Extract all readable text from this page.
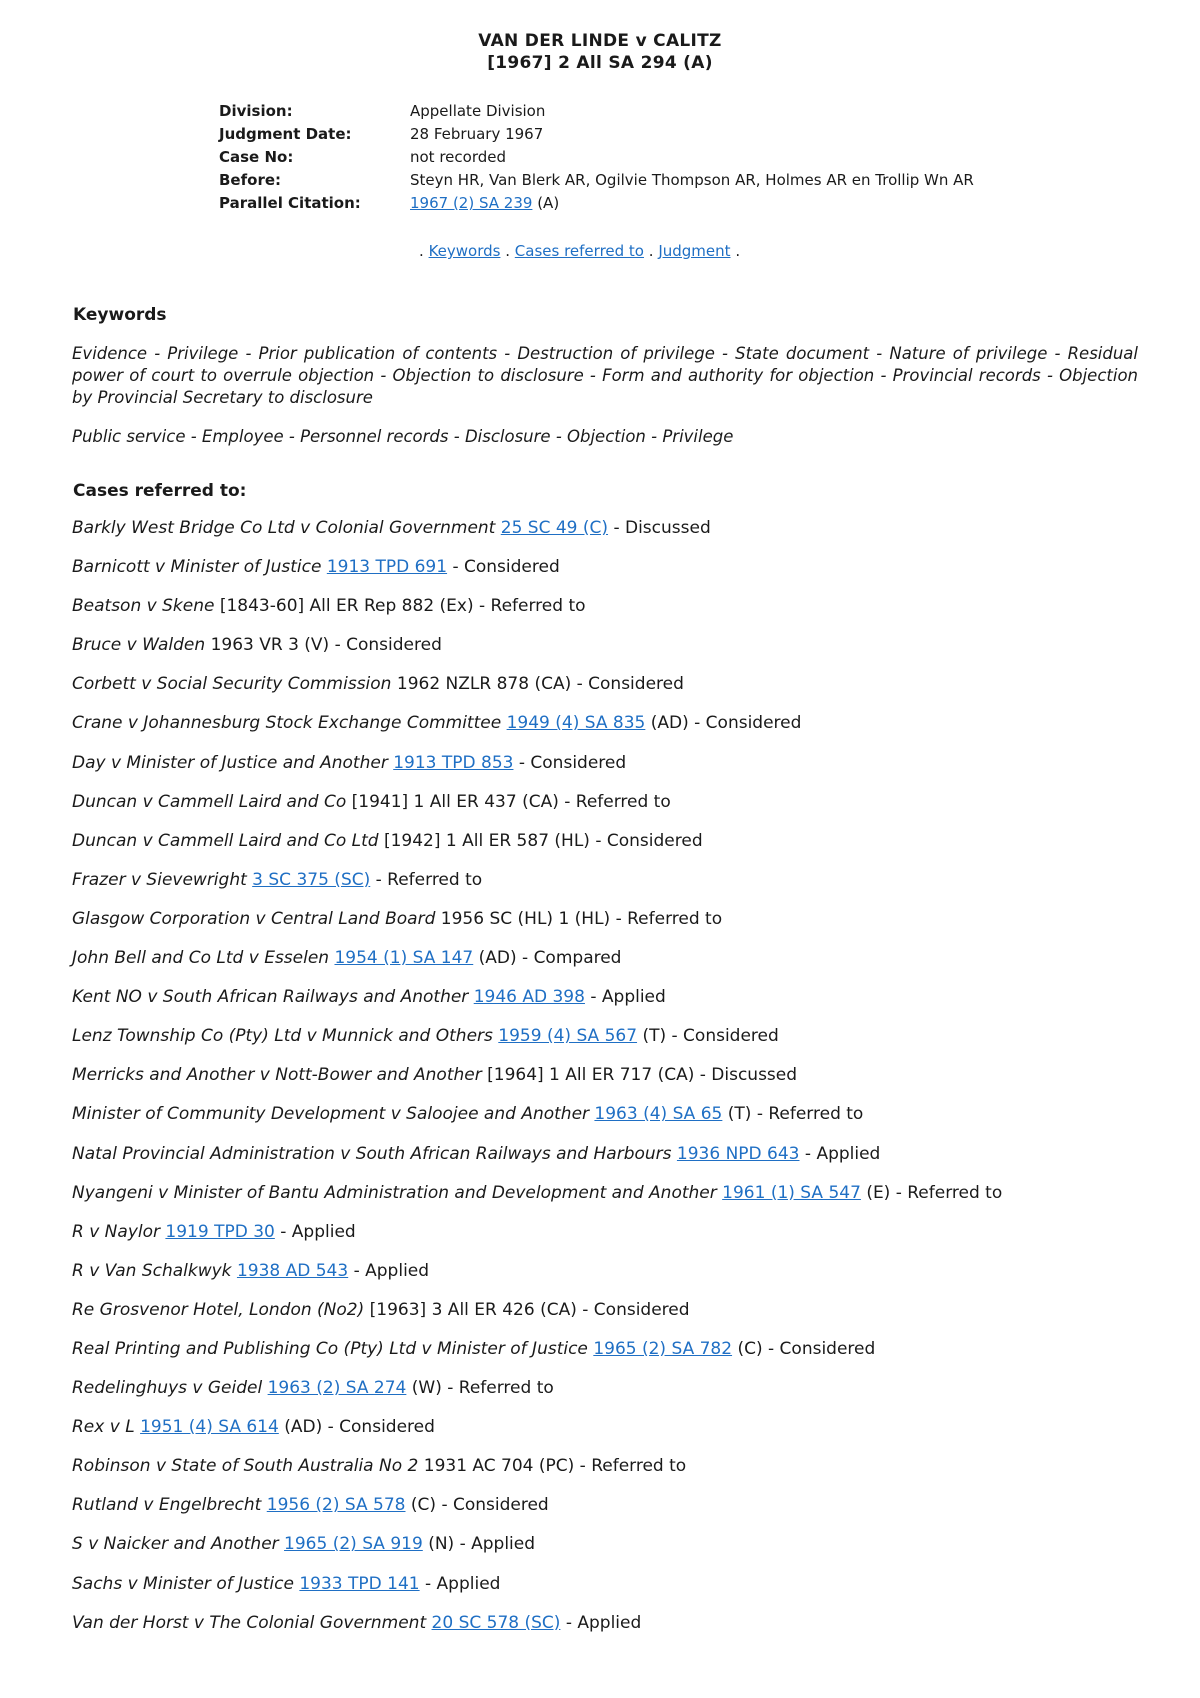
VAN DER LINDE v CALITZ
[1967] 2 All SA 294 (A)
Division:	Appellate Division
Judgment Date:	28 February 1967
Case No:	not recorded
Before:	Steyn HR, Van Blerk AR, Ogilvie Thompson AR, Holmes AR en Trollip Wn AR
Parallel Citation:	1967 (2) SA 239 (A)
. Keywords . Cases referred to . Judgment .
Keywords
Evidence - Privilege - Prior publication of contents - Destruction of privilege - State document - Nature of privilege - Residual power of court to overrule objection - Objection to disclosure - Form and authority for objection - Provincial records - Objection by Provincial Secretary to disclosure
Public service - Employee - Personnel records - Disclosure - Objection - Privilege
Cases referred to:
Barkly West Bridge Co Ltd v Colonial Government 25 SC 49 (C) - Discussed
Barnicott v Minister of Justice 1913 TPD 691 - Considered
Beatson v Skene [1843-60] All ER Rep 882 (Ex) - Referred to
Bruce v Walden 1963 VR 3 (V) - Considered
Corbett v Social Security Commission 1962 NZLR 878 (CA) - Considered
Crane v Johannesburg Stock Exchange Committee 1949 (4) SA 835 (AD) - Considered
Day v Minister of Justice and Another 1913 TPD 853 - Considered
Duncan v Cammell Laird and Co [1941] 1 All ER 437 (CA) - Referred to
Duncan v Cammell Laird and Co Ltd [1942] 1 All ER 587 (HL) - Considered
Frazer v Sievewright 3 SC 375 (SC) - Referred to
Glasgow Corporation v Central Land Board 1956 SC (HL) 1 (HL) - Referred to
John Bell and Co Ltd v Esselen 1954 (1) SA 147 (AD) - Compared
Kent NO v South African Railways and Another 1946 AD 398 - Applied
Lenz Township Co (Pty) Ltd v Munnick and Others 1959 (4) SA 567 (T) - Considered
Merricks and Another v Nott-Bower and Another [1964] 1 All ER 717 (CA) - Discussed
Minister of Community Development v Saloojee and Another 1963 (4) SA 65 (T) - Referred to
Natal Provincial Administration v South African Railways and Harbours 1936 NPD 643 - Applied
Nyangeni v Minister of Bantu Administration and Development and Another 1961 (1) SA 547 (E) - Referred to
R v Naylor 1919 TPD 30 - Applied
R v Van Schalkwyk 1938 AD 543 - Applied
Re Grosvenor Hotel, London (No2) [1963] 3 All ER 426 (CA) - Considered
Real Printing and Publishing Co (Pty) Ltd v Minister of Justice 1965 (2) SA 782 (C) - Considered
Redelinghuys v Geidel 1963 (2) SA 274 (W) - Referred to
Rex v L 1951 (4) SA 614 (AD) - Considered
Robinson v State of South Australia No 2 1931 AC 704 (PC) - Referred to
Rutland v Engelbrecht 1956 (2) SA 578 (C) - Considered
S v Naicker and Another 1965 (2) SA 919 (N) - Applied
Sachs v Minister of Justice 1933 TPD 141 - Applied
Van der Horst v The Colonial Government 20 SC 578 (SC) - Applied
